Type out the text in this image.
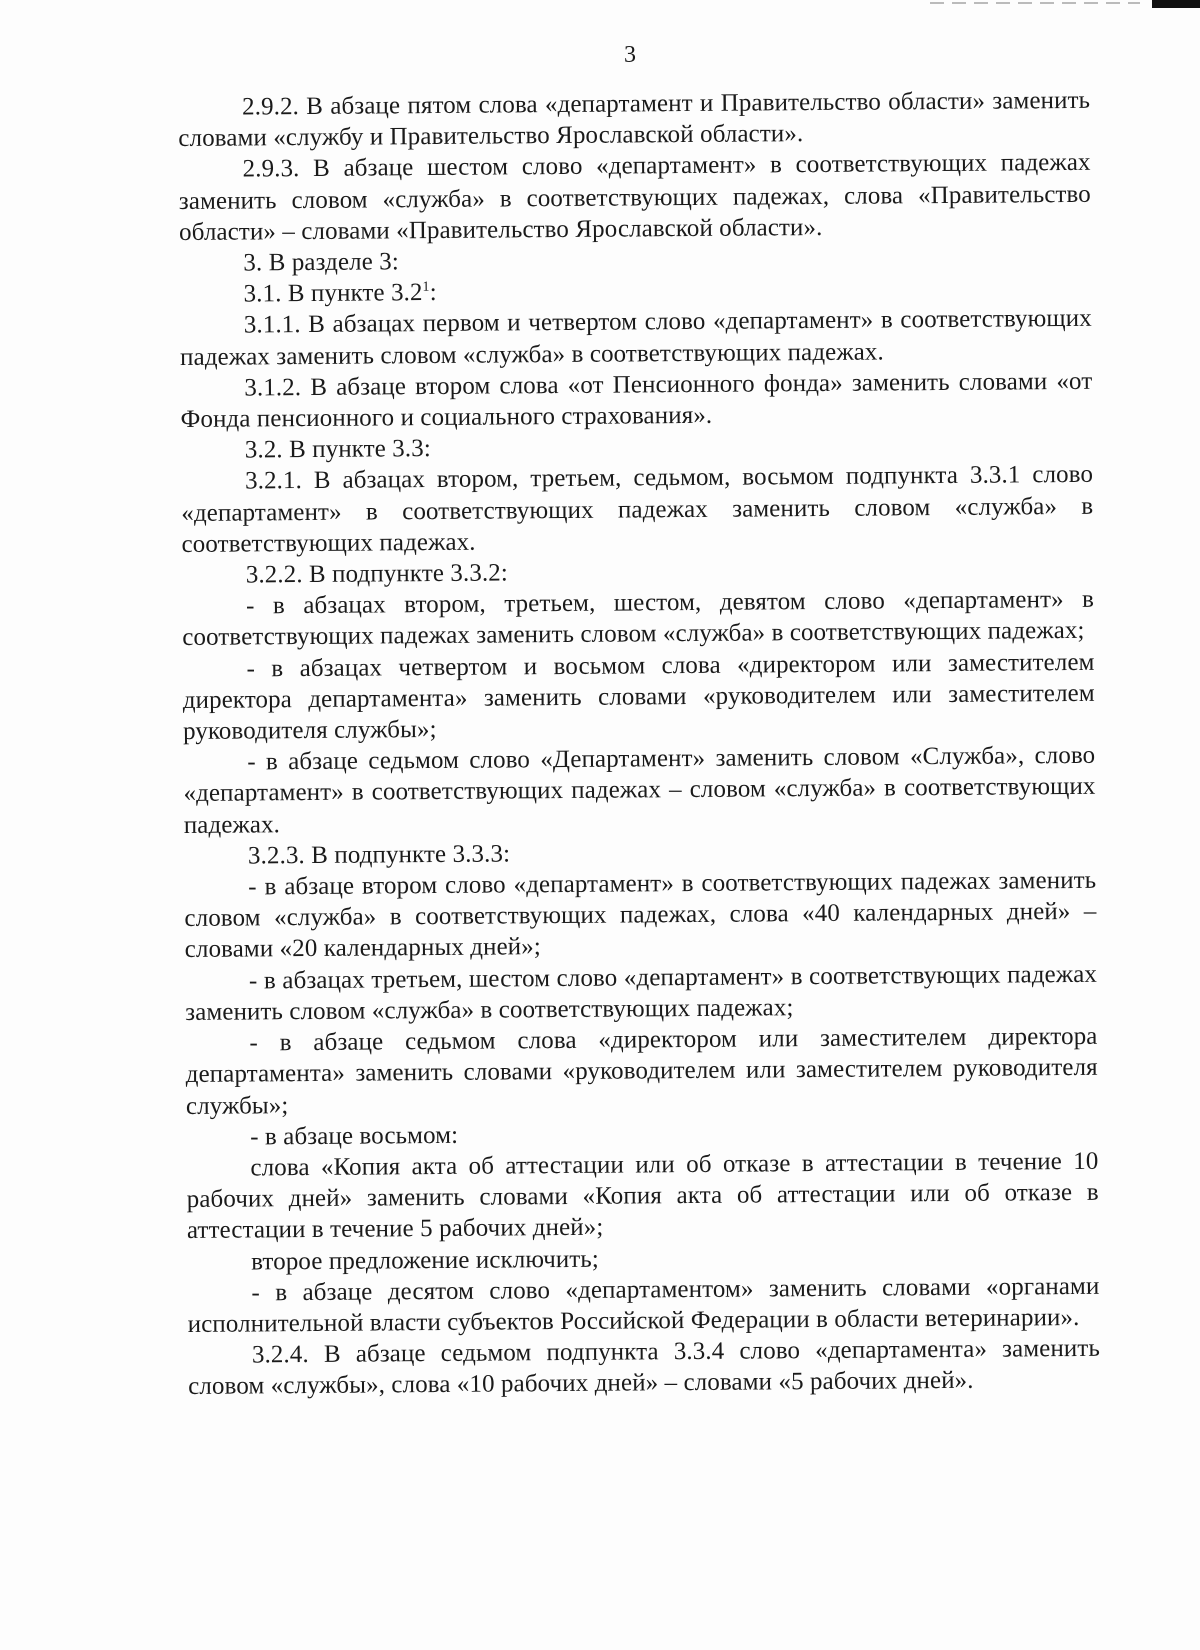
3

2.9.2. В абзаце пятом слова «департамент и Правительство области» заменить словами «службу и Правительство Ярославской области».

2.9.3. В абзаце шестом слово «департамент» в соответствующих падежах заменить словом «служба» в соответствующих падежах, слова «Правительство области» – словами «Правительство Ярославской области».

3. В разделе 3:

3.1. В пункте $3.2^1$:

3.1.1. В абзацах первом и четвертом слово «департамент» в соответствующих падежах заменить словом «служба» в соответствующих падежах.

3.1.2. В абзаце втором слова «от Пенсионного фонда» заменить словами «от Фонда пенсионного и социального страхования».

3.2. В пункте 3.3:

3.2.1. В абзацах втором, третьем, седьмом, восьмом подпункта 3.3.1 слово «департамент» в соответствующих падежах заменить словом «служба» в соответствующих падежах.

3.2.2. В подпункте 3.3.2:

- в абзацах втором, третьем, шестом, девятом слово «департамент» в соответствующих падежах заменить словом «служба» в соответствующих падежах;

- в абзацах четвертом и восьмом слова «директором или заместителем директора департамента» заменить словами «руководителем или заместителем руководителя службы»;

- в абзаце седьмом слово «Департамент» заменить словом «Служба», слово «департамент» в соответствующих падежах – словом «служба» в соответствующих падежах.

3.2.3. В подпункте 3.3.3:

- в абзаце втором слово «департамент» в соответствующих падежах заменить словом «служба» в соответствующих падежах, слова «40 календарных дней» – словами «20 календарных дней»;

- в абзацах третьем, шестом слово «департамент» в соответствующих падежах заменить словом «служба» в соответствующих падежах;

- в абзаце седьмом слова «директором или заместителем директора департамента» заменить словами «руководителем или заместителем руководителя службы»;

- в абзаце восьмом:

слова «Копия акта об аттестации или об отказе в аттестации в течение 10 рабочих дней» заменить словами «Копия акта об аттестации или об отказе в аттестации в течение 5 рабочих дней»;

второе предложение исключить;

- в абзаце десятом слово «департаментом» заменить словами «органами исполнительной власти субъектов Российской Федерации в области ветеринарии».

3.2.4. В абзаце седьмом подпункта 3.3.4 слово «департамента» заменить словом «службы», слова «10 рабочих дней» – словами «5 рабочих дней».
